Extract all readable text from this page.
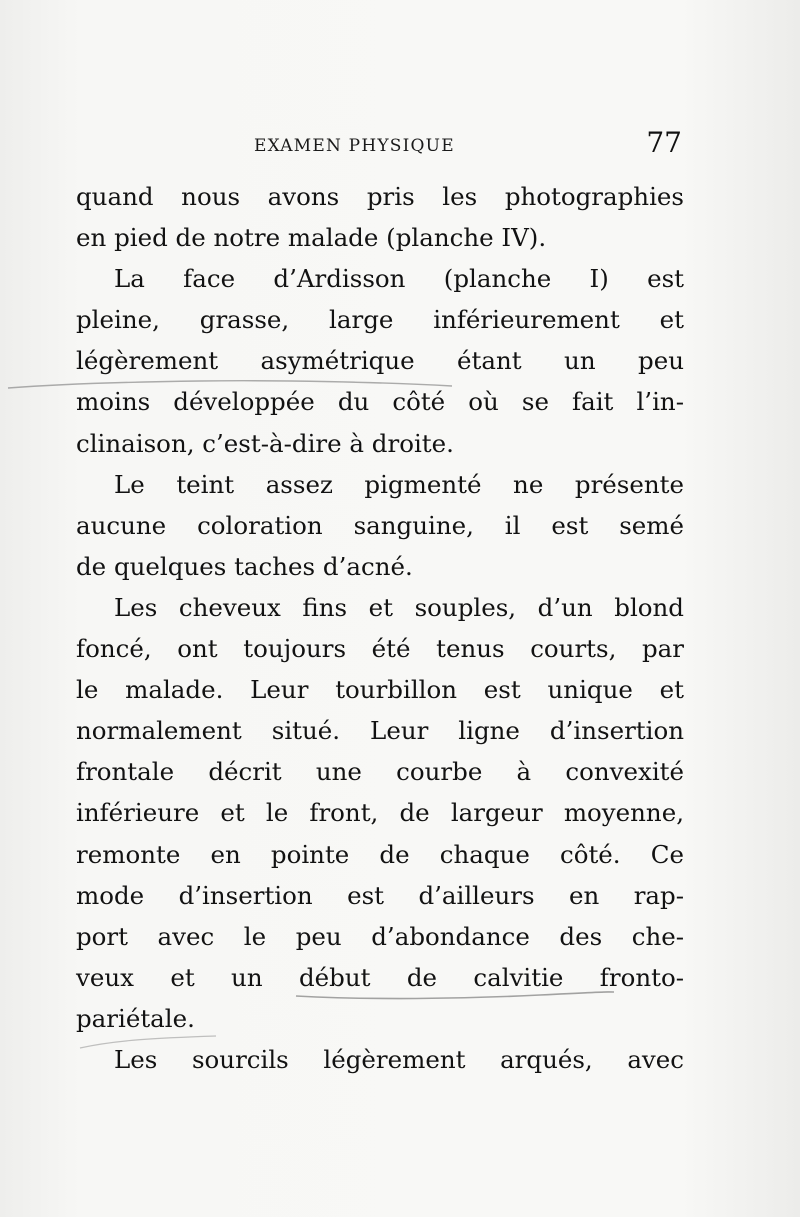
EXAMEN PHYSIQUE	77
quand nous avons pris les photographies
en pied de notre malade (planche IV).
La face d’Ardisson (planche I) est
pleine, grasse, large inférieurement et
légèrement asymétrique étant un peu
moins développée du côté où se fait l’in-
clinaison, c’est-à-dire à droite.
Le teint assez pigmenté ne présente
aucune coloration sanguine, il est semé
de quelques taches d’acné.
Les cheveux fins et souples, d’un blond
foncé, ont toujours été tenus courts, par
le malade. Leur tourbillon est unique et
normalement situé. Leur ligne d’insertion
frontale décrit une courbe à convexité
inférieure et le front, de largeur moyenne,
remonte en pointe de chaque côté. Ce
mode d’insertion est d’ailleurs en rap-
port avec le peu d’abondance des che-
veux et un début de calvitie fronto-
pariétale.
Les sourcils légèrement arqués, avec
